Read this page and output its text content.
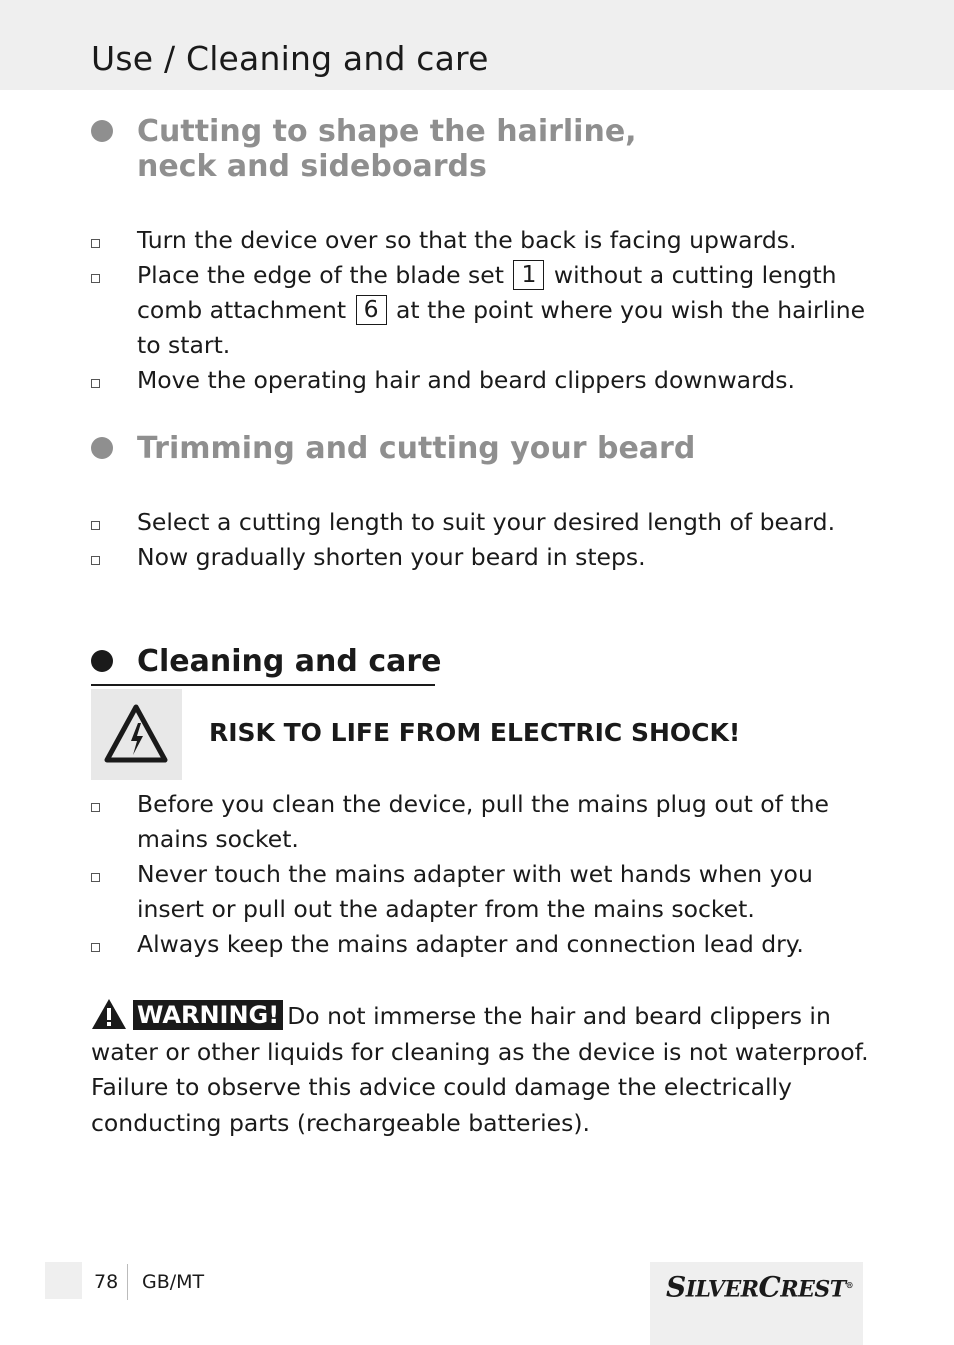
Use / Cleaning and care
Cutting to shape the hairline,
neck and sideboards
Turn the device over so that the back is facing upwards.
Place the edge of the blade set 1 without a cutting length comb attachment 6 at the point where you wish the hairline to start.
Move the operating hair and beard clippers downwards.
Trimming and cutting your beard
Select a cutting length to suit your desired length of beard.
Now gradually shorten your beard in steps.
Cleaning and care
RISK TO LIFE FROM ELECTRIC SHOCK!
Before you clean the device, pull the mains plug out of the mains socket.
Never touch the mains adapter with wet hands when you insert or pull out the adapter from the mains socket.
Always keep the mains adapter and connection lead dry.

WARNING! Do not immerse the hair and beard clippers in water or other liquids for cleaning as the device is not waterproof. Failure to observe this advice could damage the electrically conducting parts (rechargeable batteries).

78 GB/MT	SILVERCREST®
